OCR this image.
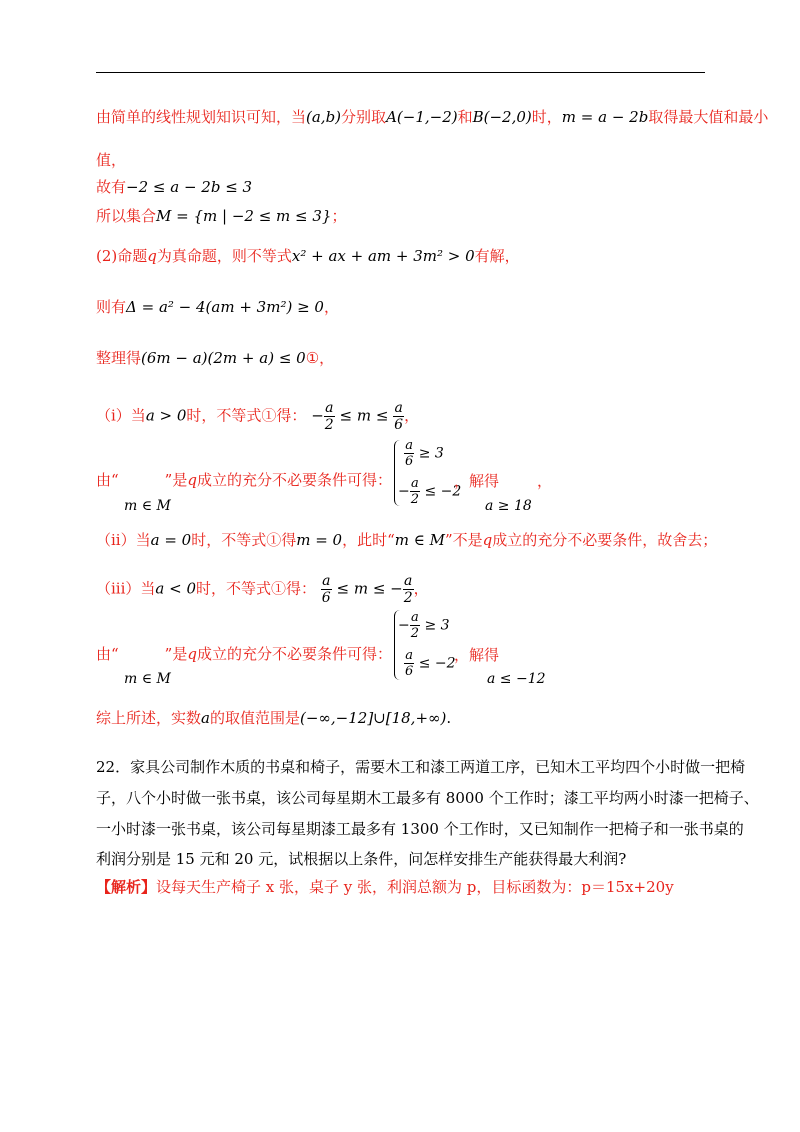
由简单的线性规划知识可知，当(a,b)分别取A(−1,−2)和B(−2,0)时，m = a − 2b取得最大值和最小
值，
故有−2 ≤ a − 2b ≤ 3
所以集合M = {m | −2 ≤ m ≤ 3}；
(2)命题q为真命题，则不等式x² + ax + am + 3m² > 0有解，
则有Δ = a² − 4(am + 3m²) ≥ 0，
整理得(6m − a)(2m + a) ≤ 0①，
（i）当a > 0时，不等式①得： − $\frac{a}{2} \le m \le \frac{a}{6}$ ，
由“	”是q成立的充分不必要条件可得：
$\frac{a}{6} \ge 3$
− $\frac{a}{2} \le -2$
，解得	，
m ∈ M	a ≥ 18
（ii）当a = 0时，不等式①得m = 0，此时“m ∈ M”不是q成立的充分不必要条件，故舍去；
（iii）当a < 0时，不等式①得： $\frac{a}{6} \le m$ ≤ − $\frac{a}{2}$ ，
由“	”是q成立的充分不必要条件可得：
− $\frac{a}{2} \ge 3$
$\frac{a}{6} \le -2$
，解得
m ∈ M	a ≤ −12
综上所述，实数a的取值范围是(−∞,−12]∪[18,+∞).
22．家具公司制作木质的书桌和椅子，需要木工和漆工两道工序，已知木工平均四个小时做一把椅
子，八个小时做一张书桌，该公司每星期木工最多有 8000 个工作时；漆工平均两小时漆一把椅子、
一小时漆一张书桌，该公司每星期漆工最多有 1300 个工作时，又已知制作一把椅子和一张书桌的
利润分别是 15 元和 20 元，试根据以上条件，问怎样安排生产能获得最大利润?
【解析】设每天生产椅子 x 张，桌子 y 张，利润总额为 p，目标函数为：p＝15x+20y
